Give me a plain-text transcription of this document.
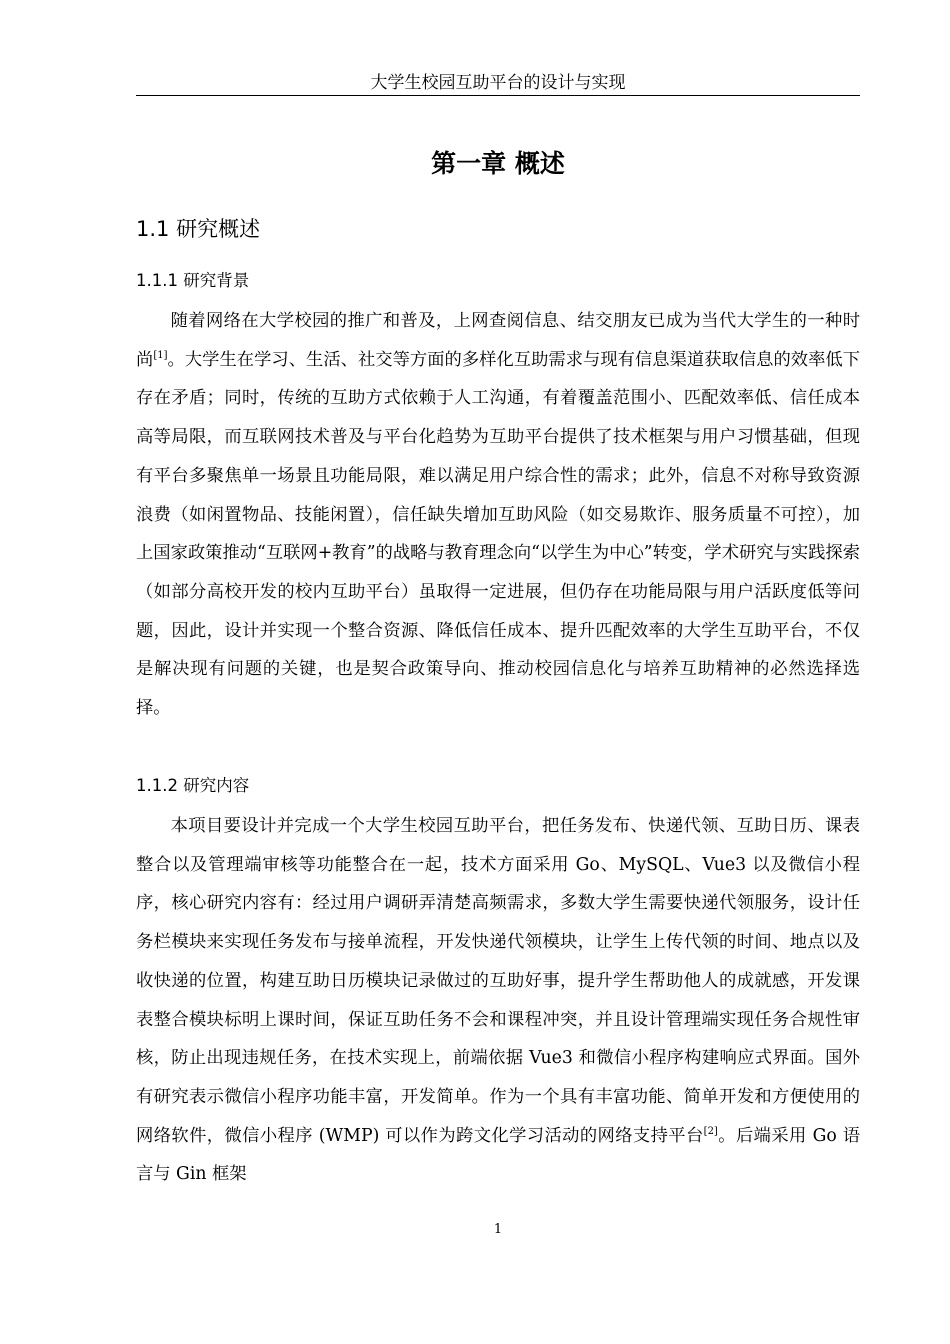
大学生校园互助平台的设计与实现
第一章 概述
1.1 研究概述
1.1.1 研究背景

随着网络在大学校园的推广和普及，上网查阅信息、结交朋友已成为当代大学生的一种时尚[1]。大学生在学习、生活、社交等方面的多样化互助需求与现有信息渠道获取信息的效率低下存在矛盾；同时，传统的互助方式依赖于人工沟通，有着覆盖范围小、匹配效率低、信任成本高等局限，而互联网技术普及与平台化趋势为互助平台提供了技术框架与用户习惯基础，但现有平台多聚焦单一场景且功能局限，难以满足用户综合性的需求；此外，信息不对称导致资源浪费（如闲置物品、技能闲置），信任缺失增加互助风险（如交易欺诈、服务质量不可控），加上国家政策推动“互联网+教育”的战略与教育理念向“以学生为中心”转变，学术研究与实践探索（如部分高校开发的校内互助平台）虽取得一定进展，但仍存在功能局限与用户活跃度低等问题，因此，设计并实现一个整合资源、降低信任成本、提升匹配效率的大学生互助平台，不仅是解决现有问题的关键，也是契合政策导向、推动校园信息化与培养互助精神的必然选择选择。

1.1.2 研究内容

本项目要设计并完成一个大学生校园互助平台，把任务发布、快递代领、互助日历、课表整合以及管理端审核等功能整合在一起，技术方面采用 Go、MySQL、Vue3 以及微信小程序，核心研究内容有：经过用户调研弄清楚高频需求，多数大学生需要快递代领服务，设计任务栏模块来实现任务发布与接单流程，开发快递代领模块，让学生上传代领的时间、地点以及收快递的位置，构建互助日历模块记录做过的互助好事，提升学生帮助他人的成就感，开发课表整合模块标明上课时间，保证互助任务不会和课程冲突，并且设计管理端实现任务合规性审核，防止出现违规任务，在技术实现上，前端依据 Vue3 和微信小程序构建响应式界面。国外有研究表示微信小程序功能丰富，开发简单。作为一个具有丰富功能、简单开发和方便使用的网络软件，微信小程序 (WMP) 可以作为跨文化学习活动的网络支持平台[2]。后端采用 Go 语言与 Gin 框架

1
